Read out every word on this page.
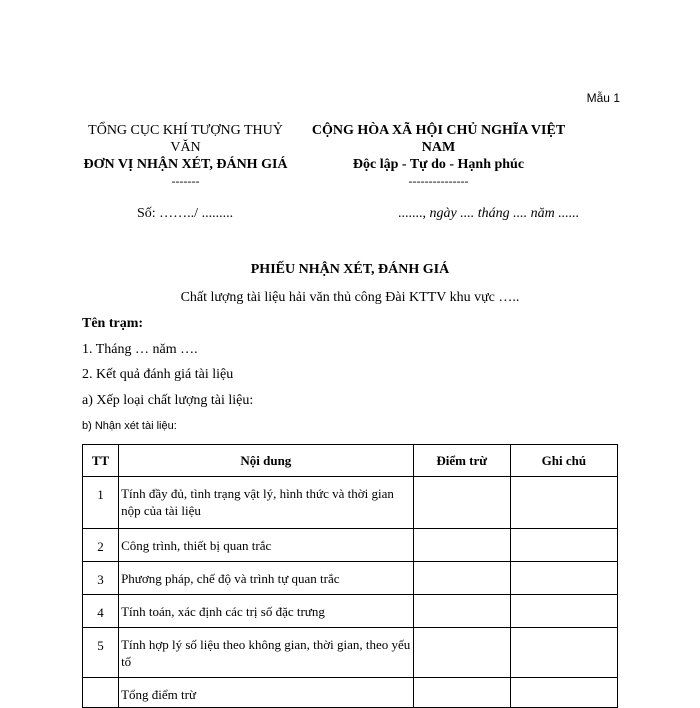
Mẫu 1
TỔNG CỤC KHÍ TƯỢNG THUỶ VĂN
ĐƠN VỊ NHẬN XÉT, ĐÁNH GIÁ
-------
CỘNG HÒA XÃ HỘI CHỦ NGHĨA VIỆT NAM
Độc lập - Tự do - Hạnh phúc
---------------
Số: ……../ .........	......., ngày .... tháng .... năm ......
PHIẾU NHẬN XÉT, ĐÁNH GIÁ
Chất lượng tài liệu hải văn thủ công Đài KTTV khu vực …..
Tên trạm:
1. Tháng … năm ….
2. Kết quả đánh giá tài liệu
a) Xếp loại chất lượng tài liệu:
b) Nhận xét tài liệu:
TT	Nội dung	Điểm trừ	Ghi chú
1	Tính đầy đủ, tình trạng vật lý, hình thức và thời gian nộp của tài liệu		
2	Công trình, thiết bị quan trắc		
3	Phương pháp, chế độ và trình tự quan trắc		
4	Tính toán, xác định các trị số đặc trưng		
5	Tính hợp lý số liệu theo không gian, thời gian, theo yếu tố		
	Tổng điểm trừ		
